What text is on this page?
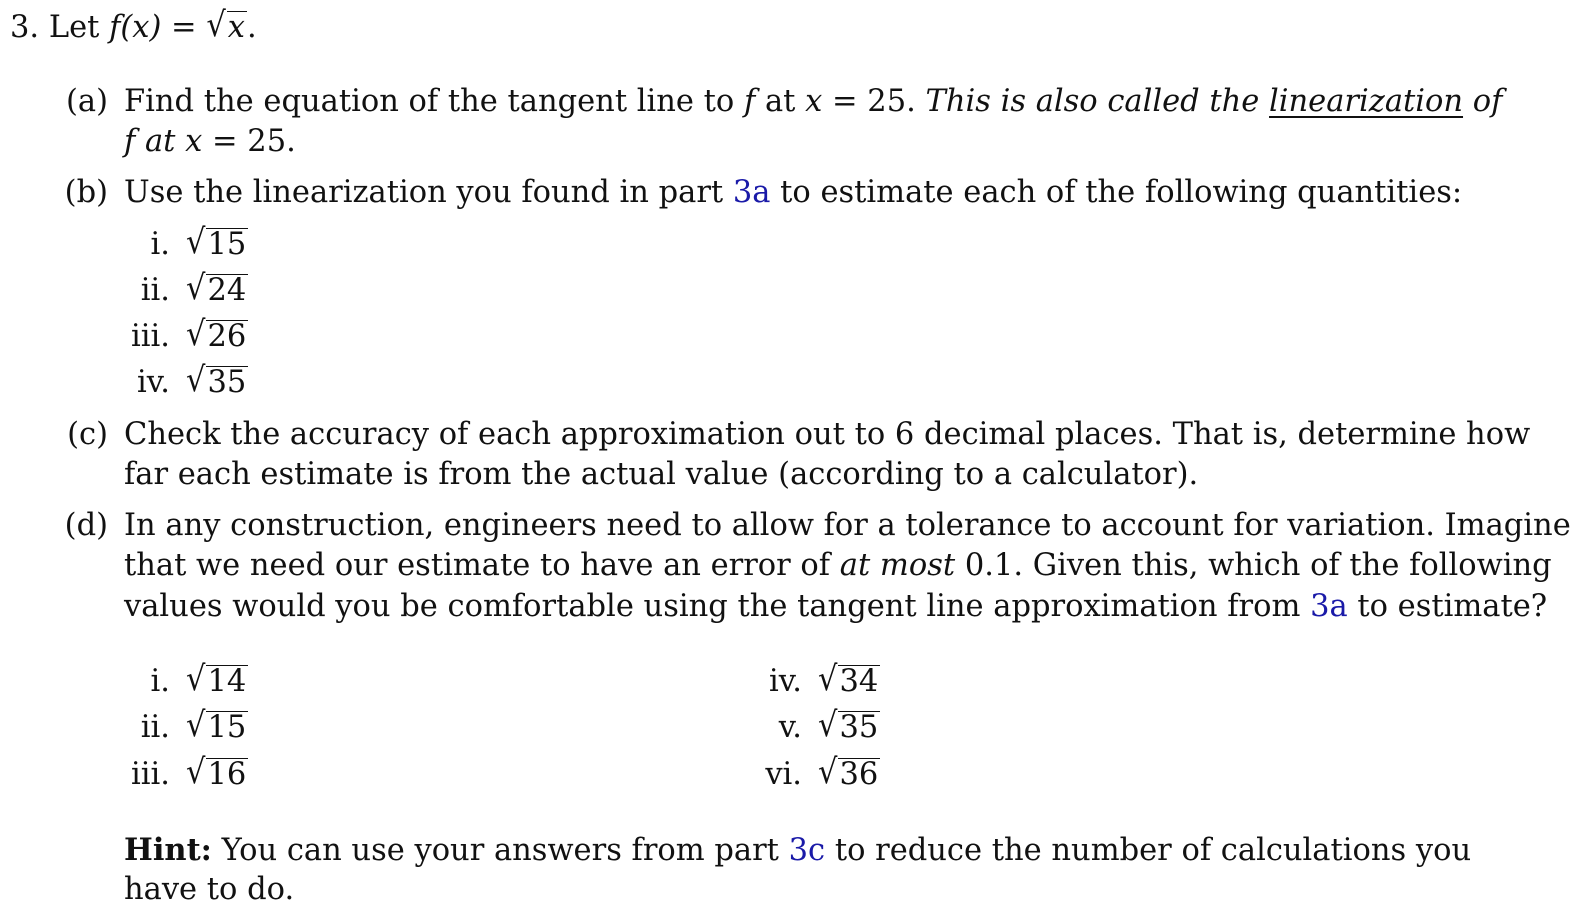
3. Let f(x) = √x.
(a) Find the equation of the tangent line to f at x = 25. This is also called the linearization of
f at x = 25.
(b) Use the linearization you found in part 3a to estimate each of the following quantities:
i. √15
ii. √24
iii. √26
iv. √35
(c) Check the accuracy of each approximation out to 6 decimal places. That is, determine how
far each estimate is from the actual value (according to a calculator).
(d) In any construction, engineers need to allow for a tolerance to account for variation. Imagine
that we need our estimate to have an error of at most 0.1. Given this, which of the following
values would you be comfortable using the tangent line approximation from 3a to estimate?
i. √14
ii. √15
iii. √16
iv. √34
v. √35
vi. √36
Hint: You can use your answers from part 3c to reduce the number of calculations you
have to do.
